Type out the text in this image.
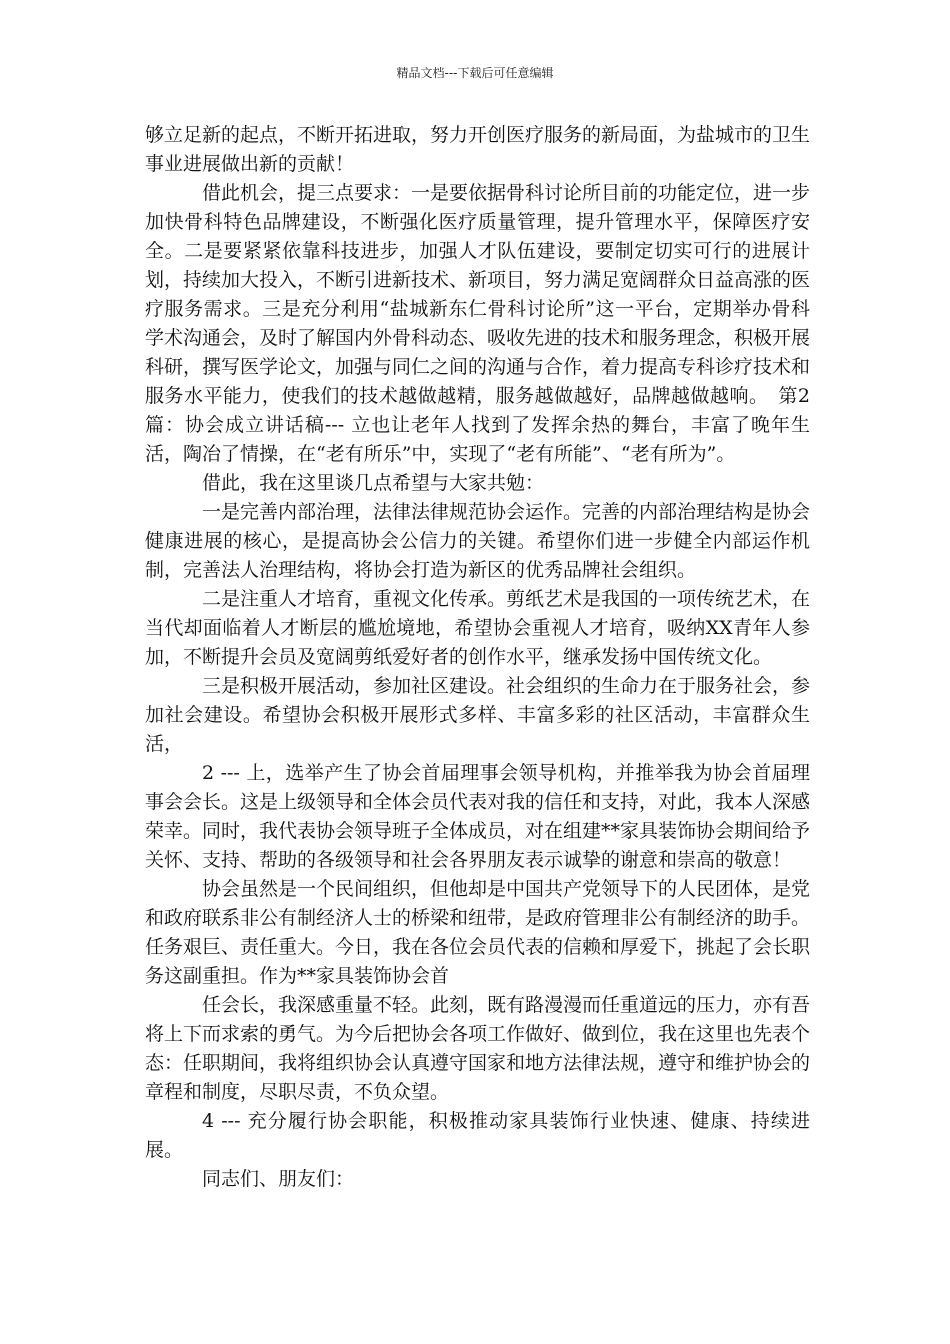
精品文档---下载后可任意编辑

够立足新的起点，不断开拓进取，努力开创医疗服务的新局面，为盐城市的卫生事业进展做出新的贡献！

借此机会，提三点要求：一是要依据骨科讨论所目前的功能定位，进一步加快骨科特色品牌建设，不断强化医疗质量管理，提升管理水平，保障医疗安全。二是要紧紧依靠科技进步，加强人才队伍建设，要制定切实可行的进展计划，持续加大投入，不断引进新技术、新项目，努力满足宽阔群众日益高涨的医疗服务需求。三是充分利用“盐城新东仁骨科讨论所”这一平台，定期举办骨科学术沟通会，及时了解国内外骨科动态、吸收先进的技术和服务理念，积极开展科研，撰写医学论文，加强与同仁之间的沟通与合作，着力提高专科诊疗技术和服务水平能力，使我们的技术越做越精，服务越做越好，品牌越做越响。　第2篇：协会成立讲话稿--- 立也让老年人找到了发挥余热的舞台，丰富了晚年生活，陶冶了情操，在“老有所乐”中，实现了“老有所能”、“老有所为”。

借此，我在这里谈几点希望与大家共勉：

一是完善内部治理，法律法律规范协会运作。完善的内部治理结构是协会健康进展的核心，是提高协会公信力的关键。希望你们进一步健全内部运作机制，完善法人治理结构，将协会打造为新区的优秀品牌社会组织。

二是注重人才培育，重视文化传承。剪纸艺术是我国的一项传统艺术，在当代却面临着人才断层的尴尬境地，希望协会重视人才培育，吸纳XX青年人参加，不断提升会员及宽阔剪纸爱好者的创作水平，继承发扬中国传统文化。

三是积极开展活动，参加社区建设。社会组织的生命力在于服务社会，参加社会建设。希望协会积极开展形式多样、丰富多彩的社区活动，丰富群众生活，

2 --- 上，选举产生了协会首届理事会领导机构，并推举我为协会首届理事会会长。这是上级领导和全体会员代表对我的信任和支持，对此，我本人深感荣幸。同时，我代表协会领导班子全体成员，对在组建**家具装饰协会期间给予关怀、支持、帮助的各级领导和社会各界朋友表示诚挚的谢意和崇高的敬意！

协会虽然是一个民间组织，但他却是中国共产党领导下的人民团体，是党和政府联系非公有制经济人士的桥梁和纽带，是政府管理非公有制经济的助手。任务艰巨、责任重大。今日，我在各位会员代表的信赖和厚爱下，挑起了会长职务这副重担。作为**家具装饰协会首

任会长，我深感重量不轻。此刻，既有路漫漫而任重道远的压力，亦有吾将上下而求索的勇气。为今后把协会各项工作做好、做到位，我在这里也先表个态：任职期间，我将组织协会认真遵守国家和地方法律法规，遵守和维护协会的章程和制度，尽职尽责，不负众望。

4 --- 充分履行协会职能，积极推动家具装饰行业快速、健康、持续进展。

同志们、朋友们：
